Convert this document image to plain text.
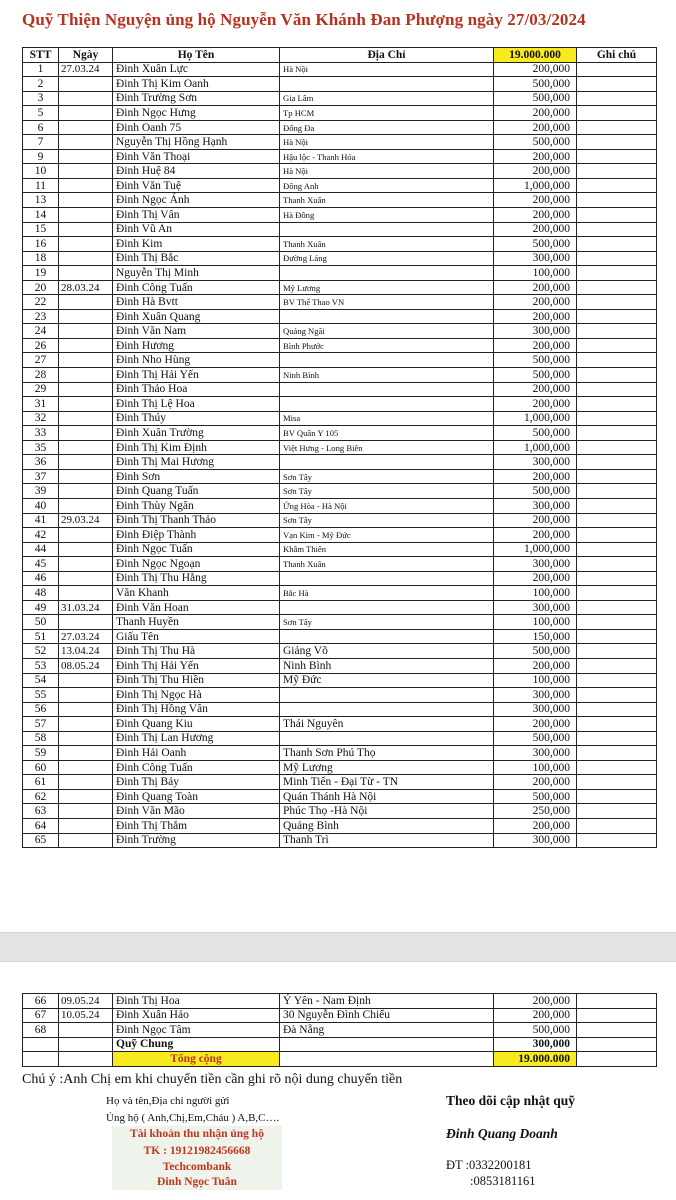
Quỹ Thiện Nguyện ủng hộ Nguyễn Văn Khánh Đan Phượng ngày 27/03/2024
STT	Ngày	Họ Tên	Địa Chỉ	19.000.000	Ghi chú
1	27.03.24	Đinh Xuân Lực	Hà Nội	200,000	
2		Đinh Thị Kim Oanh		500,000	
3		Đinh Trường Sơn	Gia Lâm	500,000	
5		Đinh Ngọc Hưng	Tp HCM	200,000	
6		Đinh Oanh 75	Đống Đa	200,000	
7		Nguyễn Thị Hồng Hạnh	Hà Nội	500,000	
9		Đinh Văn Thoại	Hậu lộc - Thanh Hóa	200,000	
10		Đinh Huệ 84	Hà Nội	200,000	
11		Đinh Văn Tuệ	Đông Anh	1,000,000	
13		Đinh Ngọc Ánh	Thanh Xuân	200,000	
14		Đinh Thị Vân	Hà Đông	200,000	
15		Đinh Vũ An		200,000	
16		Đinh Kim	Thanh Xuân	500,000	
18		Đinh Thị Bắc	Đường Láng	300,000	
19		Nguyễn Thị Minh		100,000	
20	28.03.24	Đinh Công Tuấn	Mỹ Lương	200,000	
22		Đinh Hà Bvtt	BV Thể Thao VN	200,000	
23		Đinh Xuân Quang		200,000	
24		Đinh Văn Nam	Quảng Ngãi	300,000	
26		Đinh Hương	Bình Phước	200,000	
27		Đinh Nho Hùng		500,000	
28		Đinh Thị Hải Yến	Ninh Bình	500,000	
29		Đinh Thảo Hoa		200,000	
31		Đinh Thị Lệ Hoa		200,000	
32		Đinh Thúy	Misa	1,000,000	
33		Đinh Xuân Trường	BV Quân Y 105	500,000	
35		Đinh Thị Kim Định	Việt Hưng - Long Biên	1,000,000	
36		Đinh Thị Mai Hương		300,000	
37		Đinh Sơn	Sơn Tây	200,000	
39		Đinh Quang Tuấn	Sơn Tây	500,000	
40		Đinh Thùy Ngân	Ứng Hòa - Hà Nội	300,000	
41	29.03.24	Đinh Thị Thanh Thảo	Sơn Tây	200,000	
42		Đinh Điệp Thành	Vạn Kim - Mỹ Đức	200,000	
44		Đinh Ngọc Tuấn	Khâm Thiên	1,000,000	
45		Đinh Ngọc Ngoạn	Thanh Xuân	300,000	
46		Đinh Thị Thu Hằng		200,000	
48		Văn Khanh	Bắc Hà	100,000	
49	31.03.24	Đinh Văn Hoan		300,000	
50		Thanh Huyền	Sơn Tây	100,000	
51	27.03.24	Giấu Tên		150,000	
52	13.04.24	Đinh Thị Thu Hà	Giảng Võ	500,000	
53	08.05.24	Đinh Thị Hải Yến	Ninh Bình	200,000	
54		Đinh Thị Thu Hiền	Mỹ Đức	100,000	
55		Đinh Thị Ngọc Hà		300,000	
56		Đinh Thị Hồng Vân		300,000	
57		Đinh Quang Kiu	Thái Nguyên	200,000	
58		Đinh Thị Lan Hương		500,000	
59		Đinh Hải Oanh	Thanh Sơn Phú Thọ	300,000	
60		Đinh Công Tuấn	Mỹ Lương	100,000	
61		Đinh Thị Bảy	Minh Tiến - Đại Từ - TN	200,000	
62		Đinh Quang Toàn	Quán Thánh Hà Nội	500,000	
63		Đinh Văn Mão	Phúc Thọ -Hà Nội	250,000	
64		Đinh Thị Thắm	Quảng Bình	200,000	
65		Đinh Trường	Thanh Trì	300,000	
66	09.05.24	Đinh Thị Hoa	Ý Yên - Nam Định	200,000	
67	10.05.24	Đinh Xuân Hảo	30 Nguyễn Đình Chiểu	200,000	
68		Đinh Ngọc Tâm	Đà Nẵng	500,000	
		Quỹ Chung		300,000	
		Tổng cộng		19.000.000	
Chú ý :Anh Chị em khi chuyển tiền cần ghi rõ nội dung chuyển tiền
Họ và tên,Địa chỉ người gửi
Ủng hộ ( Anh,Chị,Em,Cháu ) A,B,C….
Tài khoản thu nhận ủng hộ
TK : 19121982456668
Techcombank
Đinh Ngọc Tuân
Theo dõi cập nhật quỹ
Đinh Quang Doanh
ĐT :0332200181
:0853181161
